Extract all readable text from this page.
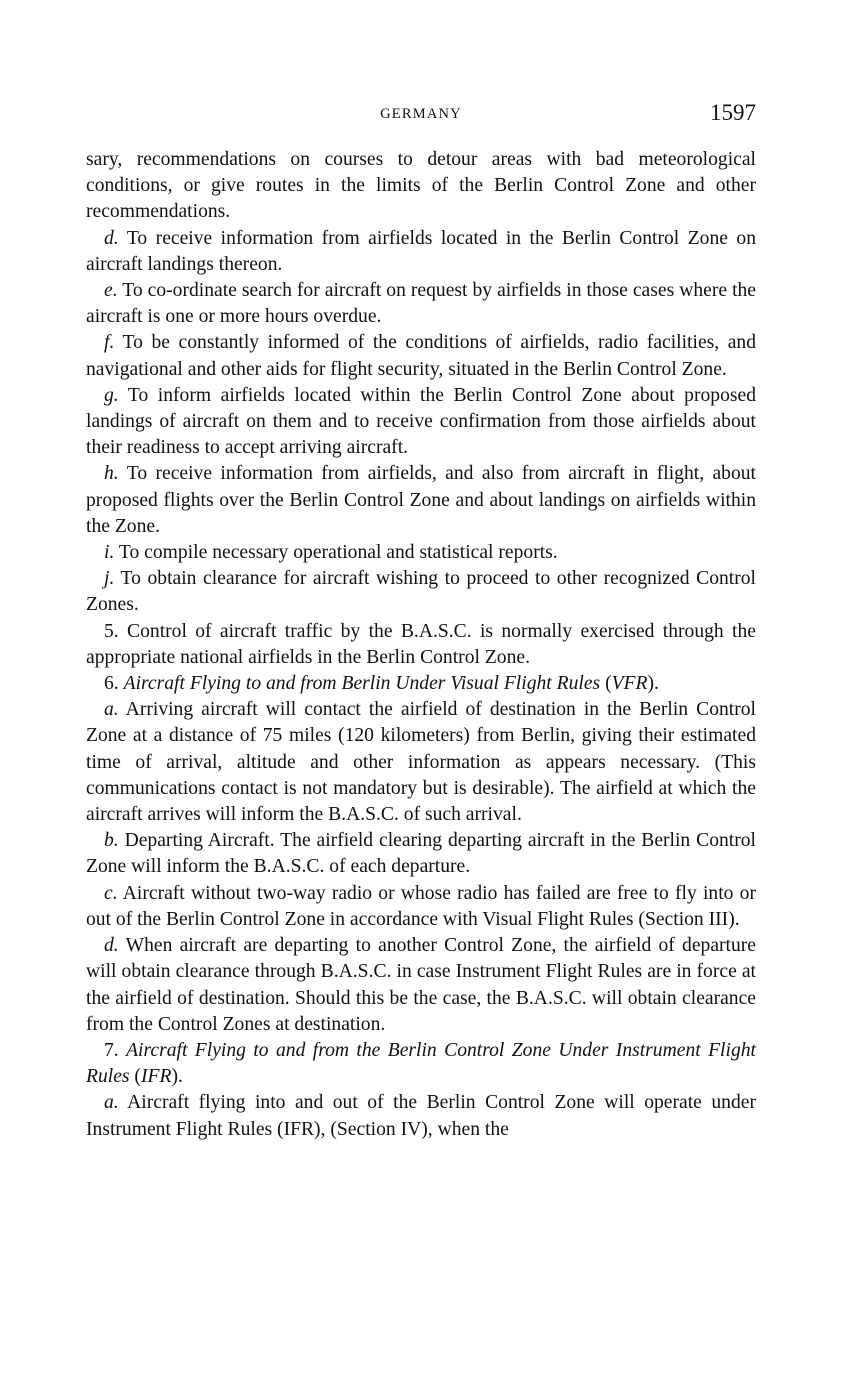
GERMANY	1597

sary, recommendations on courses to detour areas with bad meteorological conditions, or give routes in the limits of the Berlin Control Zone and other recommendations.

d. To receive information from airfields located in the Berlin Control Zone on aircraft landings thereon.

e. To co-ordinate search for aircraft on request by airfields in those cases where the aircraft is one or more hours overdue.

f. To be constantly informed of the conditions of airfields, radio facilities, and navigational and other aids for flight security, situated in the Berlin Control Zone.

g. To inform airfields located within the Berlin Control Zone about proposed landings of aircraft on them and to receive confirmation from those airfields about their readiness to accept arriving aircraft.

h. To receive information from airfields, and also from aircraft in flight, about proposed flights over the Berlin Control Zone and about landings on airfields within the Zone.

i. To compile necessary operational and statistical reports.

j. To obtain clearance for aircraft wishing to proceed to other recognized Control Zones.

5. Control of aircraft traffic by the B.A.S.C. is normally exercised through the appropriate national airfields in the Berlin Control Zone.

6. Aircraft Flying to and from Berlin Under Visual Flight Rules (VFR).

a. Arriving aircraft will contact the airfield of destination in the Berlin Control Zone at a distance of 75 miles (120 kilometers) from Berlin, giving their estimated time of arrival, altitude and other information as appears necessary. (This communications contact is not mandatory but is desirable). The airfield at which the aircraft arrives will inform the B.A.S.C. of such arrival.

b. Departing Aircraft. The airfield clearing departing aircraft in the Berlin Control Zone will inform the B.A.S.C. of each departure.

c. Aircraft without two-way radio or whose radio has failed are free to fly into or out of the Berlin Control Zone in accordance with Visual Flight Rules (Section III).

d. When aircraft are departing to another Control Zone, the airfield of departure will obtain clearance through B.A.S.C. in case Instrument Flight Rules are in force at the airfield of destination. Should this be the case, the B.A.S.C. will obtain clearance from the Control Zones at destination.

7. Aircraft Flying to and from the Berlin Control Zone Under Instrument Flight Rules (IFR).

a. Aircraft flying into and out of the Berlin Control Zone will operate under Instrument Flight Rules (IFR), (Section IV), when the
